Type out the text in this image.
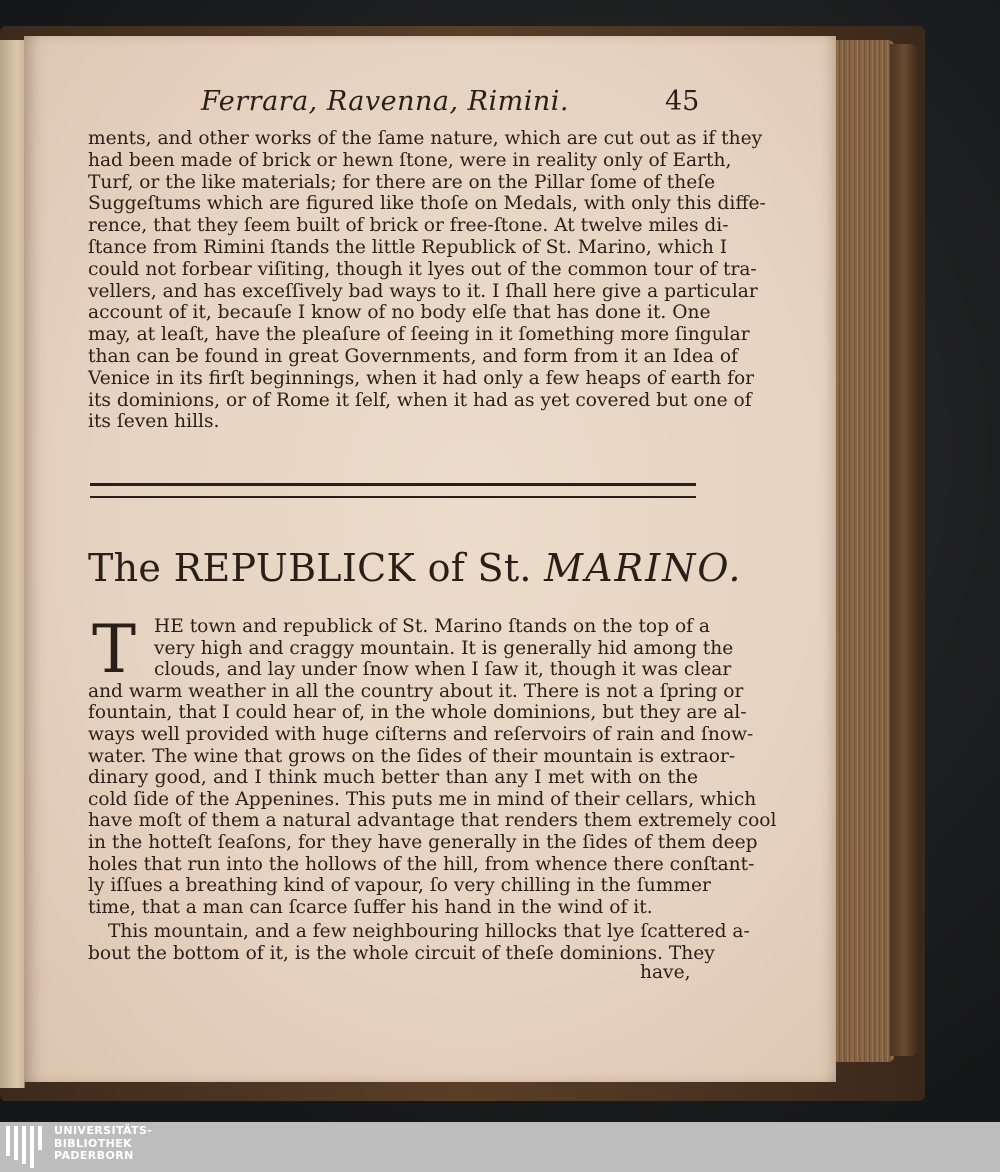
Ferrara, Ravenna, Rimini.	45
ments, and other works of the ſame nature, which are cut out as if they
had been made of brick or hewn ſtone, were in reality only of Earth,
Turf, or the like materials; for there are on the Pillar ſome of theſe
Suggeſtums which are figured like thoſe on Medals, with only this diffe-
rence, that they ſeem built of brick or free-ſtone. At twelve miles di-
ſtance from Rimini ſtands the little Republick of St. Marino, which I
could not forbear viſiting, though it lyes out of the common tour of tra-
vellers, and has exceſſively bad ways to it. I ſhall here give a particular
account of it, becauſe I know of no body elſe that has done it. One
may, at leaſt, have the pleaſure of ſeeing in it ſomething more ſingular
than can be found in great Governments, and form from it an Idea of
Venice in its firſt beginnings, when it had only a few heaps of earth for
its dominions, or of Rome it ſelf, when it had as yet covered but one of
its ſeven hills.
The REPUBLICK of St. MARINO.
T HE town and republick of St. Marino ſtands on the top of a
very high and craggy mountain. It is generally hid among the
clouds, and lay under ſnow when I ſaw it, though it was clear
and warm weather in all the country about it. There is not a ſpring or
fountain, that I could hear of, in the whole dominions, but they are al-
ways well provided with huge ciſterns and reſervoirs of rain and ſnow-
water. The wine that grows on the ſides of their mountain is extraor-
dinary good, and I think much better than any I met with on the
cold ſide of the Appenines. This puts me in mind of their cellars, which
have moſt of them a natural advantage that renders them extremely cool
in the hotteſt ſeaſons, for they have generally in the ſides of them deep
holes that run into the hollows of the hill, from whence there conſtant-
ly iſſues a breathing kind of vapour, ſo very chilling in the ſummer
time, that a man can ſcarce ſuffer his hand in the wind of it.
This mountain, and a few neighbouring hillocks that lye ſcattered a-
bout the bottom of it, is the whole circuit of theſe dominions. They
have,
UNIVERSITÄTS-
BIBLIOTHEK
PADERBORN
